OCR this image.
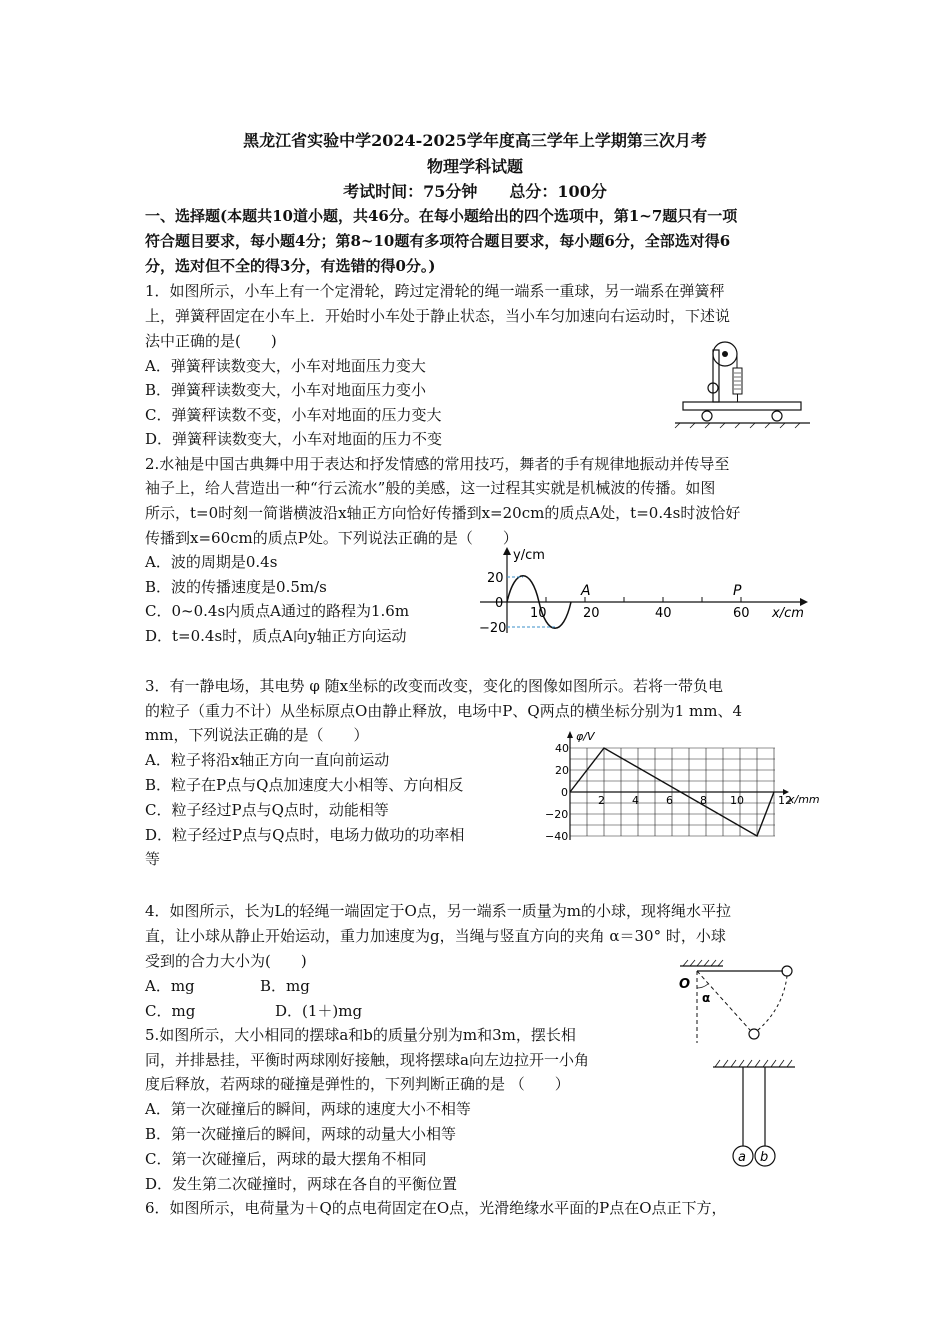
黑龙江省实验中学2024-2025学年度高三学年上学期第三次月考
物理学科试题
考试时间：75分钟　　总分：100分
一、选择题(本题共10道小题，共46分。在每小题给出的四个选项中，第1~7题只有一项
符合题目要求，每小题4分；第8~10题有多项符合题目要求，每小题6分，全部选对得6
分，选对但不全的得3分，有选错的得0分。)
1．如图所示，小车上有一个定滑轮，跨过定滑轮的绳一端系一重球，另一端系在弹簧秤
上，弹簧秤固定在小车上．开始时小车处于静止状态，当小车匀加速向右运动时，下述说
法中正确的是(　　)
A．弹簧秤读数变大，小车对地面压力变大
B．弹簧秤读数变大，小车对地面压力变小
C．弹簧秤读数不变，小车对地面的压力变大
D．弹簧秤读数变大，小车对地面的压力不变
2.水袖是中国古典舞中用于表达和抒发情感的常用技巧，舞者的手有规律地振动并传导至
袖子上，给人营造出一种“行云流水”般的美感，这一过程其实就是机械波的传播。如图
所示，t=0时刻一简谐横波沿x轴正方向恰好传播到x=20cm的质点A处，t=0.4s时波恰好
传播到x=60cm的质点P处。下列说法正确的是（　　）
A．波的周期是0.4s
B．波的传播速度是0.5m/s
C．0~0.4s内质点A通过的路程为1.6m
D．t=0.4s时，质点A向y轴正方向运动
y/cm
x/cm
20
0
−20
10	20	40	60
A	P
3．有一静电场，其电势 φ 随x坐标的改变而改变，变化的图像如图所示。若将一带负电
的粒子（重力不计）从坐标原点O由静止释放，电场中P、Q两点的横坐标分别为1 mm、4
mm，下列说法正确的是（　　）
A．粒子将沿x轴正方向一直向前运动
B．粒子在P点与Q点加速度大小相等、方向相反
C．粒子经过P点与Q点时，动能相等
D．粒子经过P点与Q点时，电场力做功的功率相
等
φ/V
x/mm
40
20
0
−20
−40
2 4 6 8 10	12
4．如图所示，长为L的轻绳一端固定于O点，另一端系一质量为m的小球，现将绳水平拉
直，让小球从静止开始运动，重力加速度为g，当绳与竖直方向的夹角 α＝30° 时，小球
受到的合力大小为(　　)
A．mg	B．mg
C．mg	D．(1＋)mg
O
α
5.如图所示，大小相同的摆球a和b的质量分别为m和3m，摆长相
同，并排悬挂，平衡时两球刚好接触，现将摆球a向左边拉开一小角
度后释放，若两球的碰撞是弹性的，下列判断正确的是 （　　）
A．第一次碰撞后的瞬间，两球的速度大小不相等
B．第一次碰撞后的瞬间，两球的动量大小相等
C．第一次碰撞后，两球的最大摆角不相同
D．发生第二次碰撞时，两球在各自的平衡位置
a b
6．如图所示，电荷量为＋Q的点电荷固定在O点，光滑绝缘水平面的P点在O点正下方，
